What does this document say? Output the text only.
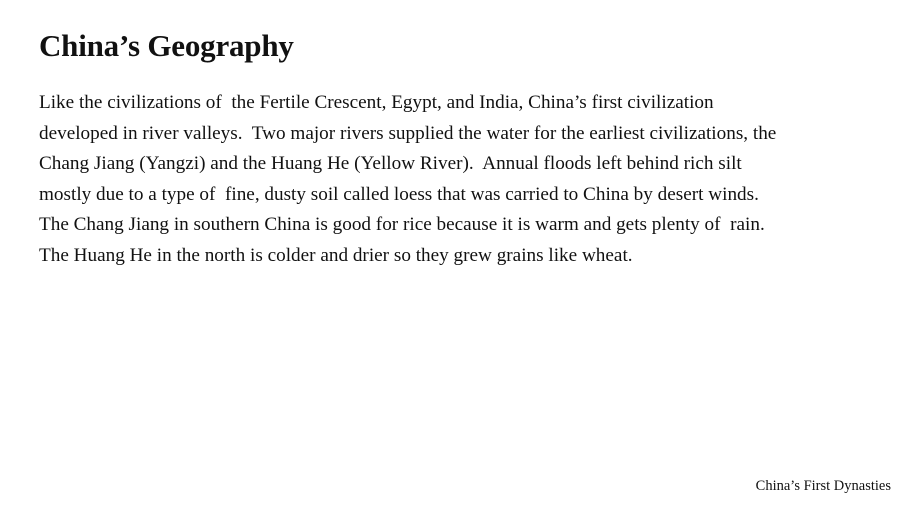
China’s Geography

Like the civilizations of  the Fertile Crescent, Egypt, and India, China’s first civilization
developed in river valleys.  Two major rivers supplied the water for the earliest civilizations, the
Chang Jiang (Yangzi) and the Huang He (Yellow River).  Annual floods left behind rich silt
mostly due to a type of  fine, dusty soil called loess that was carried to China by desert winds.
The Chang Jiang in southern China is good for rice because it is warm and gets plenty of  rain.
The Huang He in the north is colder and drier so they grew grains like wheat.

China’s First Dynasties
